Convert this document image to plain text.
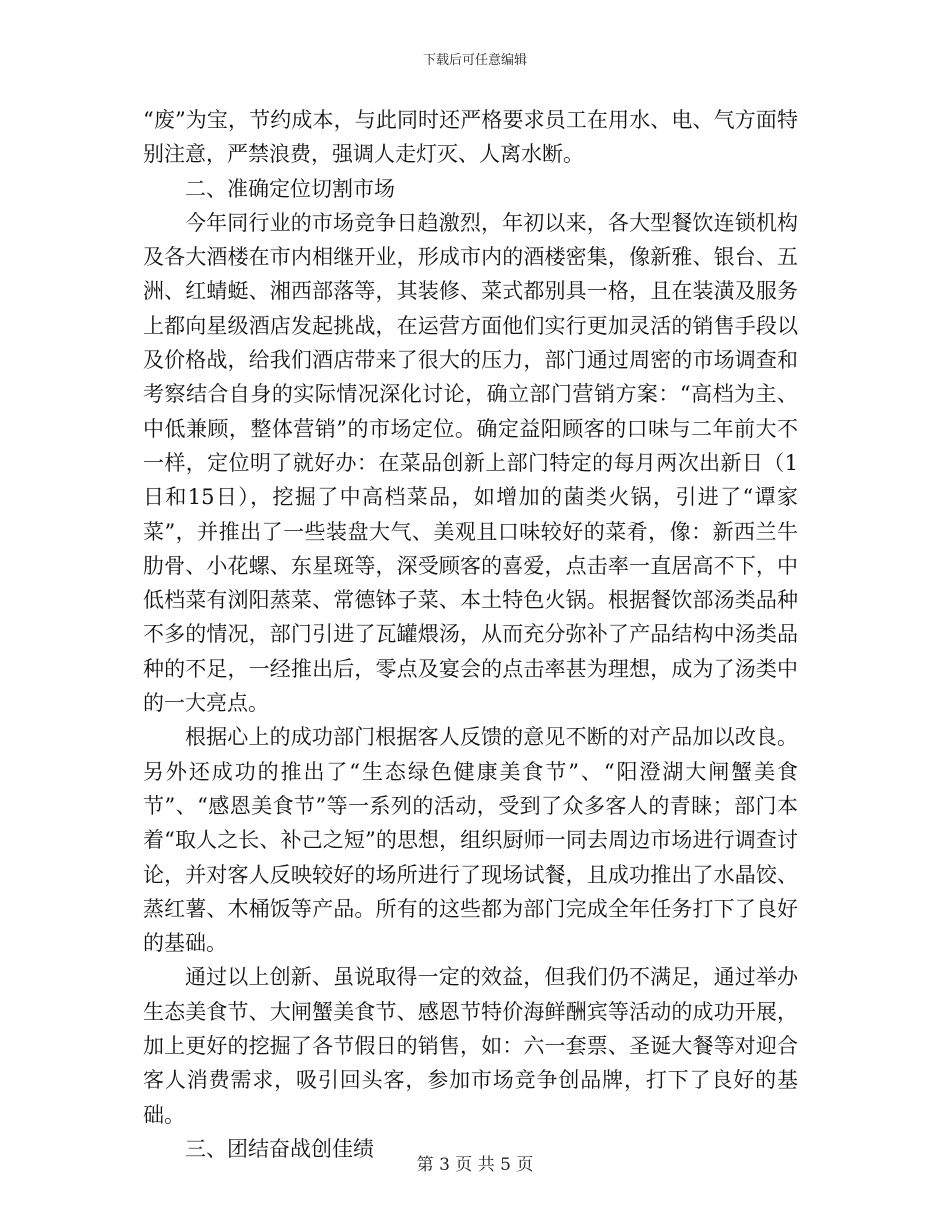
下载后可任意编辑

“废”为宝，节约成本，与此同时还严格要求员工在用水、电、气方面特别注意，严禁浪费，强调人走灯灭、人离水断。

二、准确定位切割市场

今年同行业的市场竞争日趋激烈，年初以来，各大型餐饮连锁机构及各大酒楼在市内相继开业，形成市内的酒楼密集，像新雅、银台、五洲、红蜻蜓、湘西部落等，其装修、菜式都别具一格，且在装潢及服务上都向星级酒店发起挑战，在运营方面他们实行更加灵活的销售手段以及价格战，给我们酒店带来了很大的压力，部门通过周密的市场调查和考察结合自身的实际情况深化讨论，确立部门营销方案：“高档为主、中低兼顾，整体营销”的市场定位。确定益阳顾客的口味与二年前大不一样，定位明了就好办：在菜品创新上部门特定的每月两次出新日（1日和15日），挖掘了中高档菜品，如增加的菌类火锅，引进了“谭家菜”，并推出了一些装盘大气、美观且口味较好的菜肴，像：新西兰牛肋骨、小花螺、东星斑等，深受顾客的喜爱，点击率一直居高不下，中低档菜有浏阳蒸菜、常德钵子菜、本土特色火锅。根据餐饮部汤类品种不多的情况，部门引进了瓦罐煨汤，从而充分弥补了产品结构中汤类品种的不足，一经推出后，零点及宴会的点击率甚为理想，成为了汤类中的一大亮点。

根据心上的成功部门根据客人反馈的意见不断的对产品加以改良。另外还成功的推出了“生态绿色健康美食节”、“阳澄湖大闸蟹美食节”、“感恩美食节”等一系列的活动，受到了众多客人的青睐；部门本着“取人之长、补己之短”的思想，组织厨师一同去周边市场进行调查讨论，并对客人反映较好的场所进行了现场试餐，且成功推出了水晶饺、蒸红薯、木桶饭等产品。所有的这些都为部门完成全年任务打下了良好的基础。

通过以上创新、虽说取得一定的效益，但我们仍不满足，通过举办生态美食节、大闸蟹美食节、感恩节特价海鲜酬宾等活动的成功开展，加上更好的挖掘了各节假日的销售，如：六一套票、圣诞大餐等对迎合客人消费需求，吸引回头客，参加市场竞争创品牌，打下了良好的基础。

三、团结奋战创佳绩

第 3 页 共 5 页
